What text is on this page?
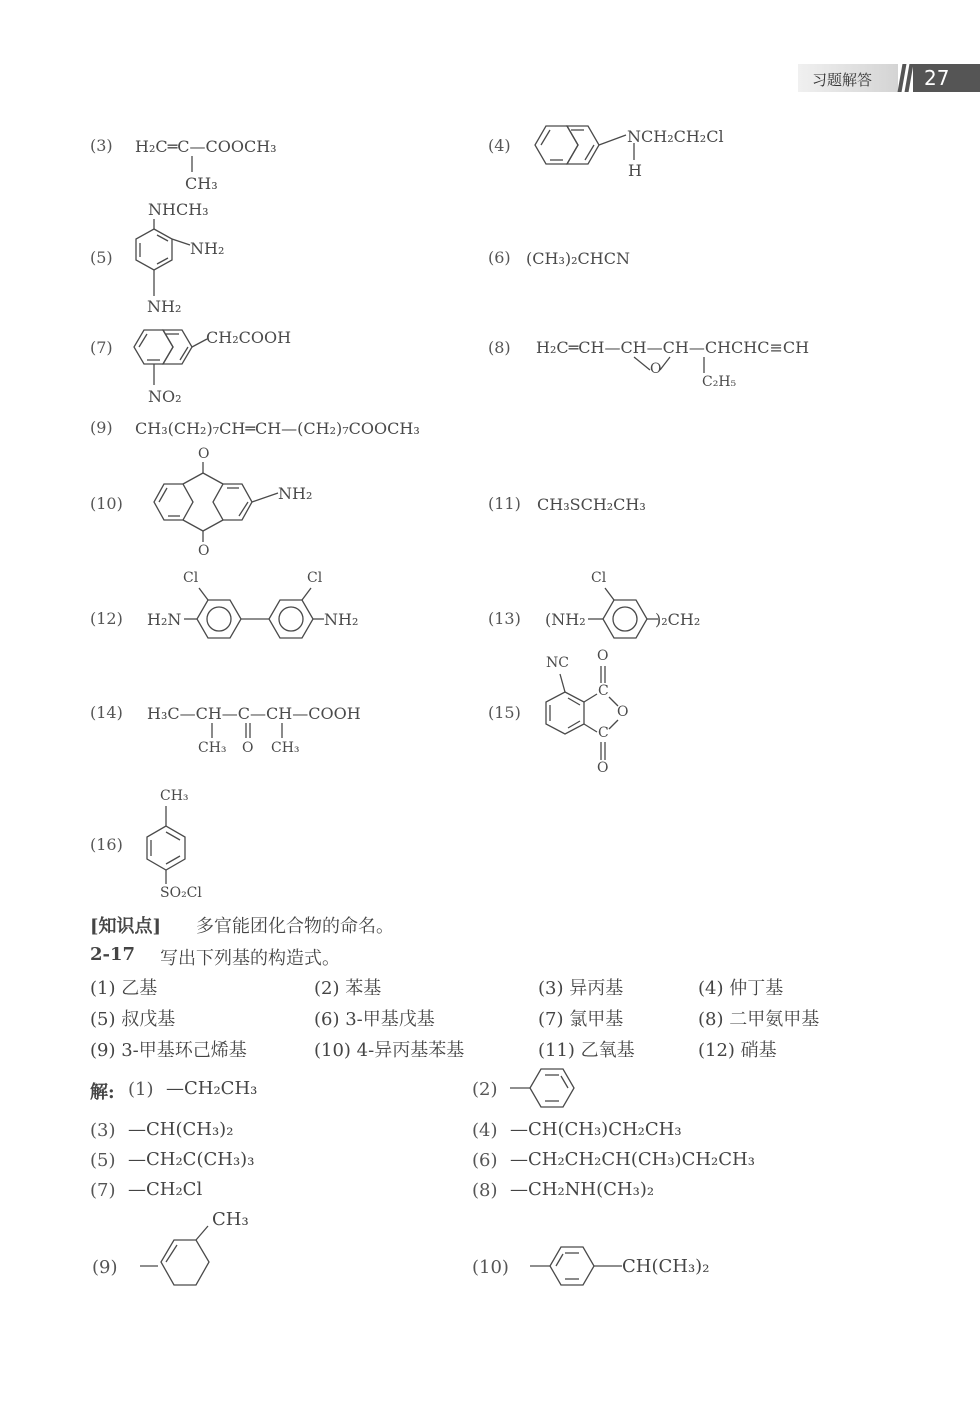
习题解答	27
(3) H₂C═C—COOCH₃
CH₃
(4)	NCH₂CH₂Cl
H
NHCH₃
(5)	NH₂
NH₂
(6) (CH₃)₂CHCN
(7)
CH₂COOH
NO₂
(8) H₂C═CH—CH—CH—CHCHC≡CH
O
C₂H₅
(9) CH₃(CH₂)₇CH═CH—(CH₂)₇COOCH₃
O
(10)
NH₂
O
(11) CH₃SCH₂CH₃
Cl	Cl
(12) H₂N	NH₂
Cl
(13) (NH₂	)₂CH₂
(14) H₃C—CH—C—CH—COOH
CH₃ O CH₃
(15)
NC O
C
O
C
O
CH₃
(16)
SO₂Cl
[知识点] 多官能团化合物的命名。
2-17 写出下列基的构造式。
(1) 乙基	(2) 苯基	(3) 异丙基	(4) 仲丁基
(5) 叔戊基	(6) 3-甲基戊基	(7) 氯甲基	(8) 二甲氨甲基
(9) 3-甲基环己烯基	(10) 4-异丙基苯基	(11) 乙氧基	(12) 硝基
解: (1) —CH₂CH₃	(2)
(3) —CH(CH₃)₂	(4) —CH(CH₃)CH₂CH₃
(5) —CH₂C(CH₃)₃	(6) —CH₂CH₂CH(CH₃)CH₂CH₃
(7) —CH₂Cl	(8) —CH₂NH(CH₃)₂
CH₃
(9)	(10)	CH(CH₃)₂
